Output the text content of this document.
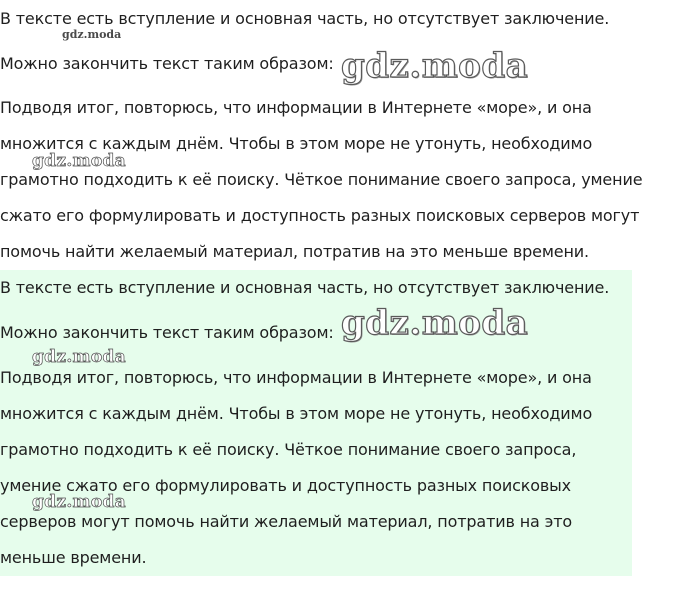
В тексте есть вступление и основная часть, но отсутствует заключение.
Можно закончить текст таким образом:
Подводя итог, повторюсь, что информации в Интернете «море», и она
множится с каждым днём. Чтобы в этом море не утонуть, необходимо
грамотно подходить к её поиску. Чёткое понимание своего запроса, умение
сжато его формулировать и доступность разных поисковых серверов могут
помочь найти желаемый материал, потратив на это меньше времени.
В тексте есть вступление и основная часть, но отсутствует заключение.
Можно закончить текст таким образом:
Подводя итог, повторюсь, что информации в Интернете «море», и она
множится с каждым днём. Чтобы в этом море не утонуть, необходимо
грамотно подходить к её поиску. Чёткое понимание своего запроса,
умение сжато его формулировать и доступность разных поисковых
серверов могут помочь найти желаемый материал, потратив на это
меньше времени.
gdz.moda
gdz.moda
gdz.moda
gdz.moda
gdz.moda
gdz.moda
